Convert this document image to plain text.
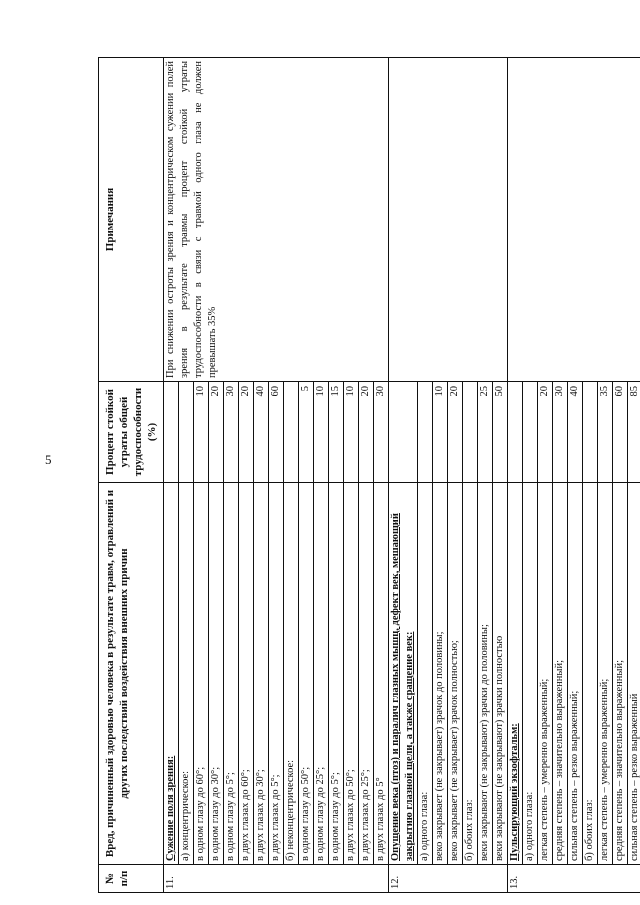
5
№ п/п	Вред, причиненный здоровью человека в результате травм, отравлений и других последствий воздействия внешних причин	Процент стойкой утраты общей трудоспособности (%)	Примечания
11.	Сужение поля зрения:		При снижении остроты зрения и концентрическом сужении полей зрения в результате травмы процент стойкой утраты трудоспособности в связи с травмой одного глаза не должен превышать 35%
	а) концентрическое:		
	в одном глазу до 60°;	10	
	в одном глазу до 30°;	20	
	в одном глазу до 5°;	30	
	в двух глазах до 60°;	20	
	в двух глазах до 30°;	40	
	в двух глазах до 5°;	60	
	б) неконцентрическое:		
	в одном глазу до 50°;	5	
	в одном глазу до 25°;	10	
	в одном глазу до 5°;	15	
	в двух глазах до 50°;	10	
	в двух глазах до 25°;	20	
	в двух глазах до 5°	30	
12.	Опущение века (птоз) и паралич глазных мышц, дефект век, мешающий закрытию глазной щели, а также сращение век:		
	а) одного глаза:		
	веко закрывает (не закрывает) зрачок до половины;	10	
	веко закрывает (не закрывает) зрачок полностью;	20	
	б) обоих глаз:		
	веки закрывают (не закрывают) зрачки до половины;	25	
	веки закрывают (не закрывают) зрачки полностью	50	
13.	Пульсирующий экзофтальм:		
	а) одного глаза:		
	легкая степень – умеренно выраженный;	20	
	средняя степень – значительно выраженный;	30	
	сильная степень – резко выраженный;	40	
	б) обоих глаз:		
	легкая степень – умеренно выраженный;	35	
	средняя степень – значительно выраженный;	60	
	сильная степень – резко выраженный	85	
